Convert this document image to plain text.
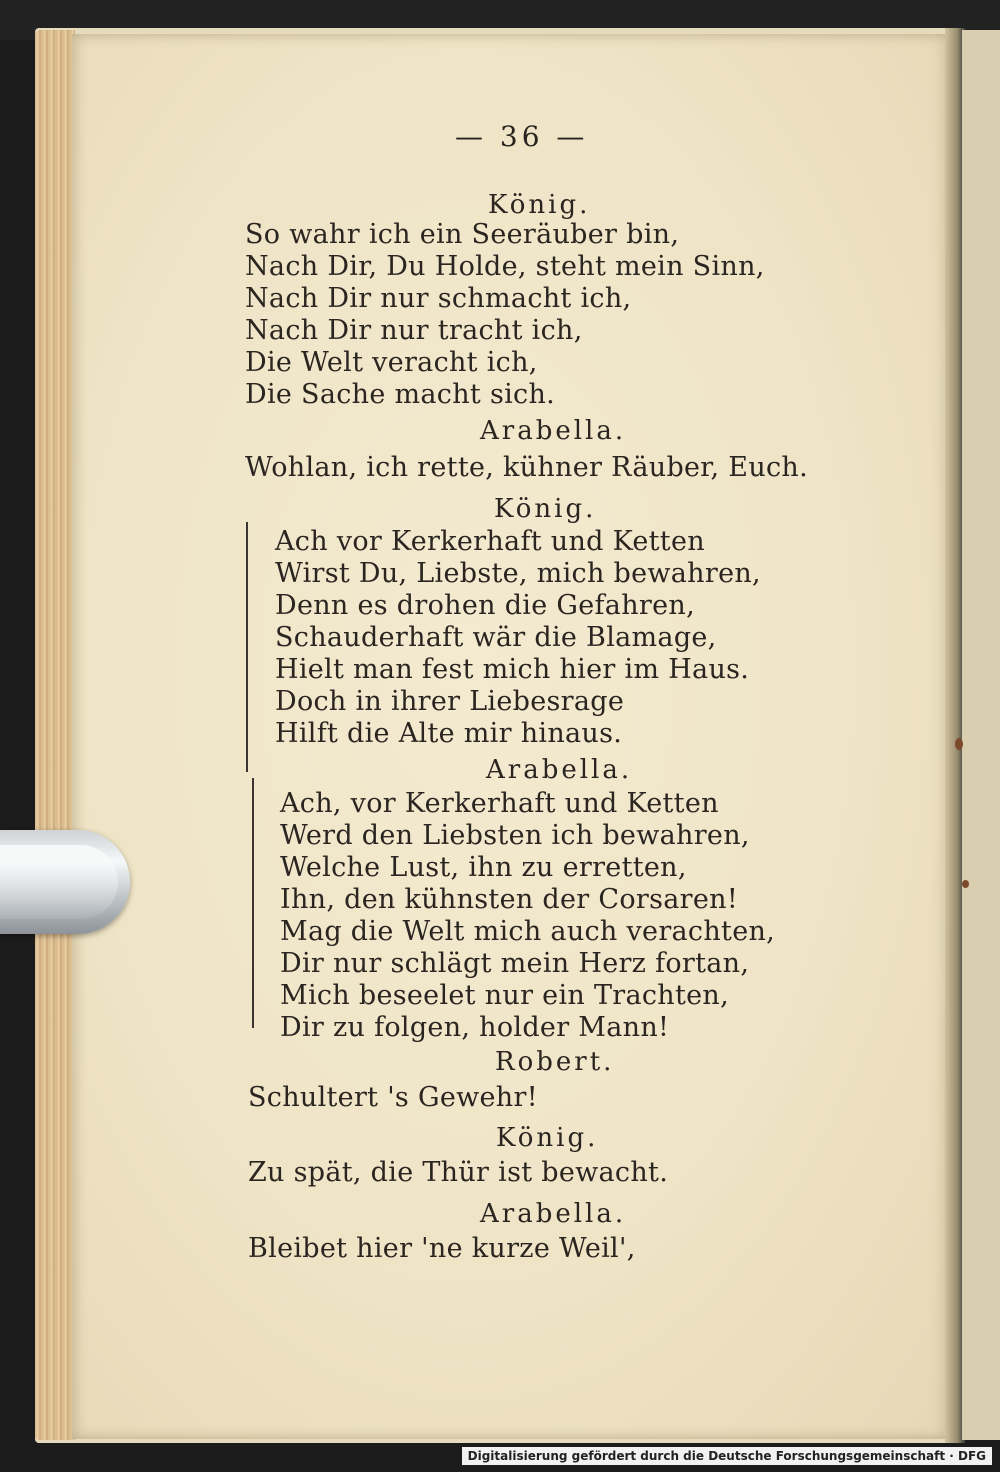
— 36 —
König.
So wahr ich ein Seeräuber bin,
Nach Dir, Du Holde, steht mein Sinn,
Nach Dir nur schmacht ich,
Nach Dir nur tracht ich,
Die Welt veracht ich,
Die Sache macht sich.
Arabella.
Wohlan, ich rette, kühner Räuber, Euch.
König.
Ach vor Kerkerhaft und Ketten
Wirst Du, Liebste, mich bewahren,
Denn es drohen die Gefahren,
Schauderhaft wär die Blamage,
Hielt man fest mich hier im Haus.
Doch in ihrer Liebesrage
Hilft die Alte mir hinaus.
Arabella.
Ach, vor Kerkerhaft und Ketten
Werd den Liebsten ich bewahren,
Welche Lust, ihn zu erretten,
Ihn, den kühnsten der Corsaren!
Mag die Welt mich auch verachten,
Dir nur schlägt mein Herz fortan,
Mich beseelet nur ein Trachten,
Dir zu folgen, holder Mann!
Robert.
Schultert 's Gewehr!
König.
Zu spät, die Thür ist bewacht.
Arabella.
Bleibet hier 'ne kurze Weil',
Digitalisierung gefördert durch die Deutsche Forschungsgemeinschaft · DFG
